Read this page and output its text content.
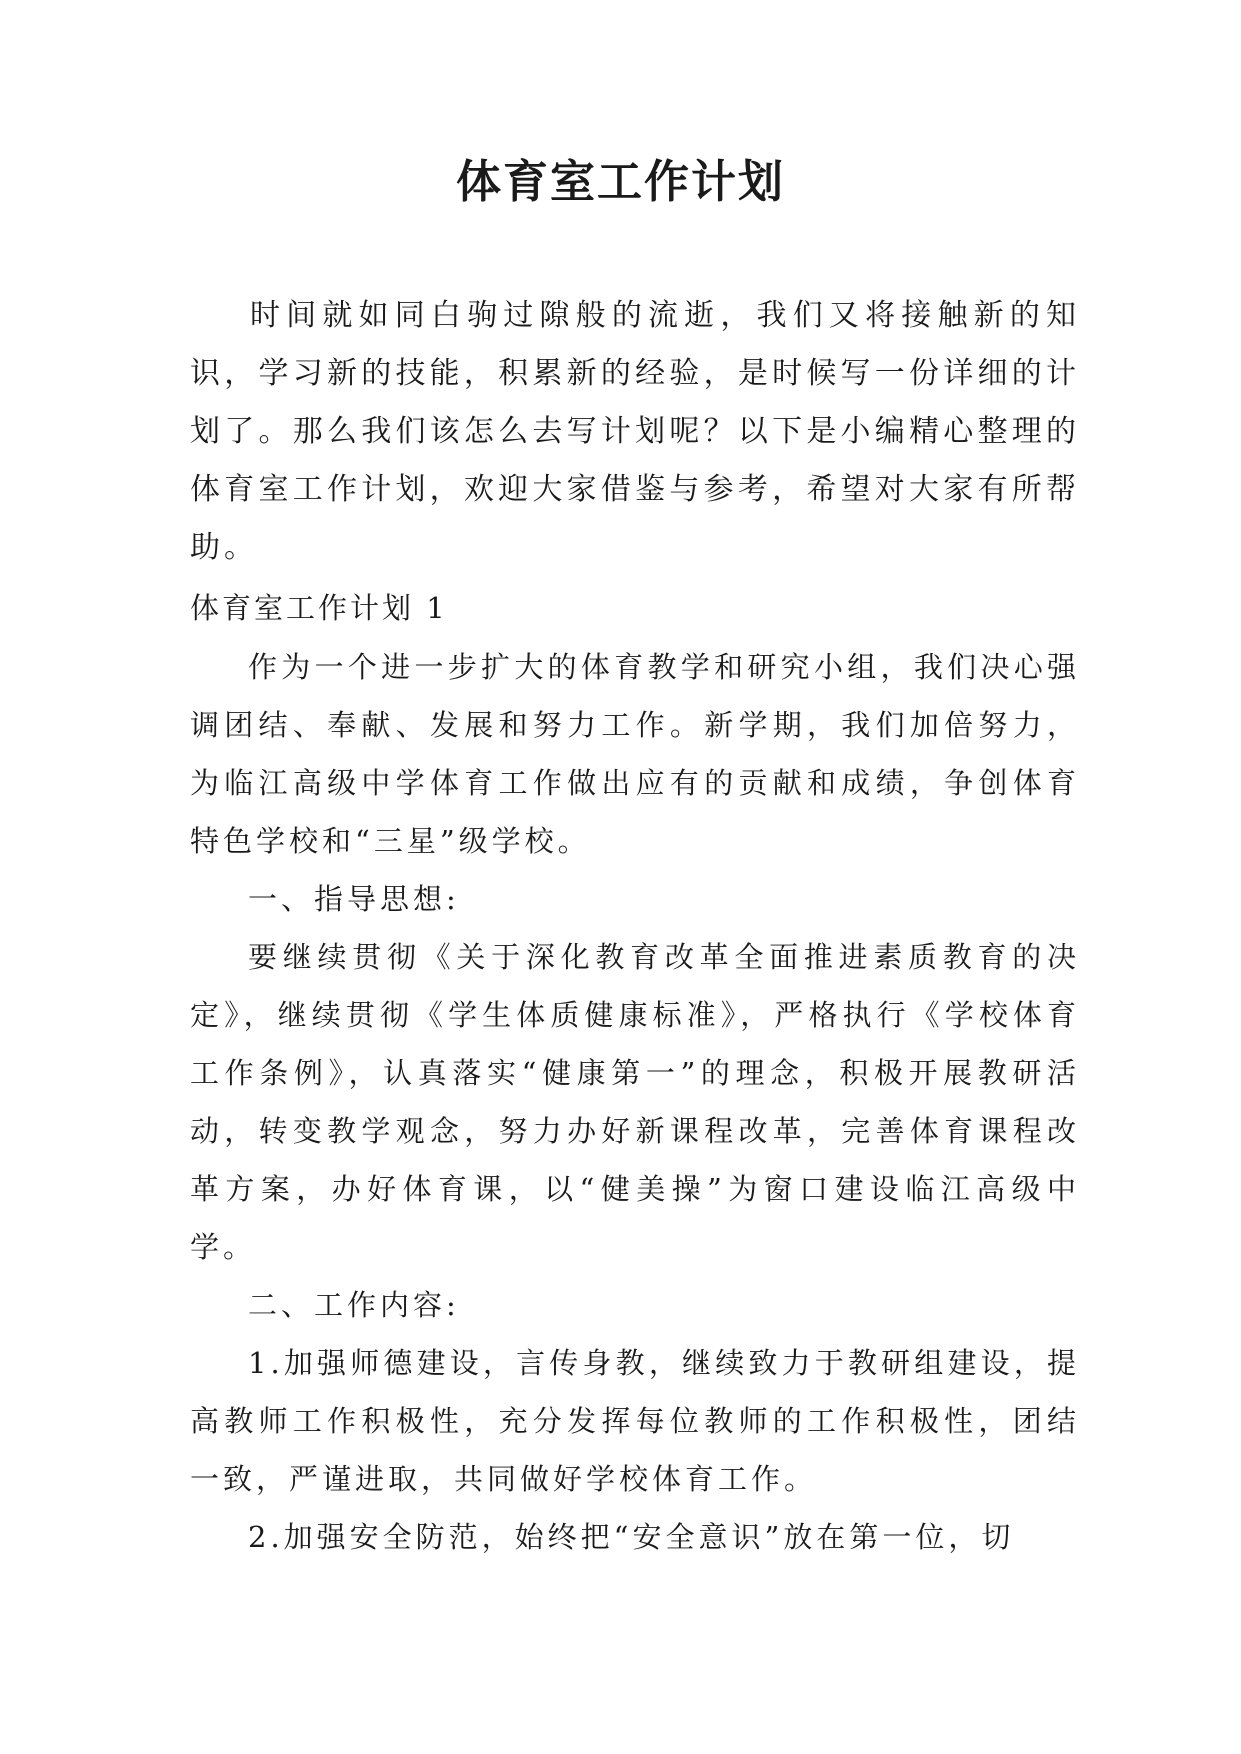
体育室工作计划

时间就如同白驹过隙般的流逝，我们又将接触新的知识，学习新的技能，积累新的经验，是时候写一份详细的计划了。那么我们该怎么去写计划呢？以下是小编精心整理的体育室工作计划，欢迎大家借鉴与参考，希望对大家有所帮助。

体育室工作计划 1

作为一个进一步扩大的体育教学和研究小组，我们决心强调团结、奉献、发展和努力工作。新学期，我们加倍努力，为临江高级中学体育工作做出应有的贡献和成绩，争创体育特色学校和“三星”级学校。

一、指导思想:

要继续贯彻《关于深化教育改革全面推进素质教育的决定》，继续贯彻《学生体质健康标准》，严格执行《学校体育工作条例》，认真落实“健康第一”的理念，积极开展教研活动，转变教学观念，努力办好新课程改革，完善体育课程改革方案，办好体育课，以“健美操”为窗口建设临江高级中学。

二、工作内容:

1.加强师德建设，言传身教，继续致力于教研组建设，提高教师工作积极性，充分发挥每位教师的工作积极性，团结一致，严谨进取，共同做好学校体育工作。

2.加强安全防范，始终把“安全意识”放在第一位，切
